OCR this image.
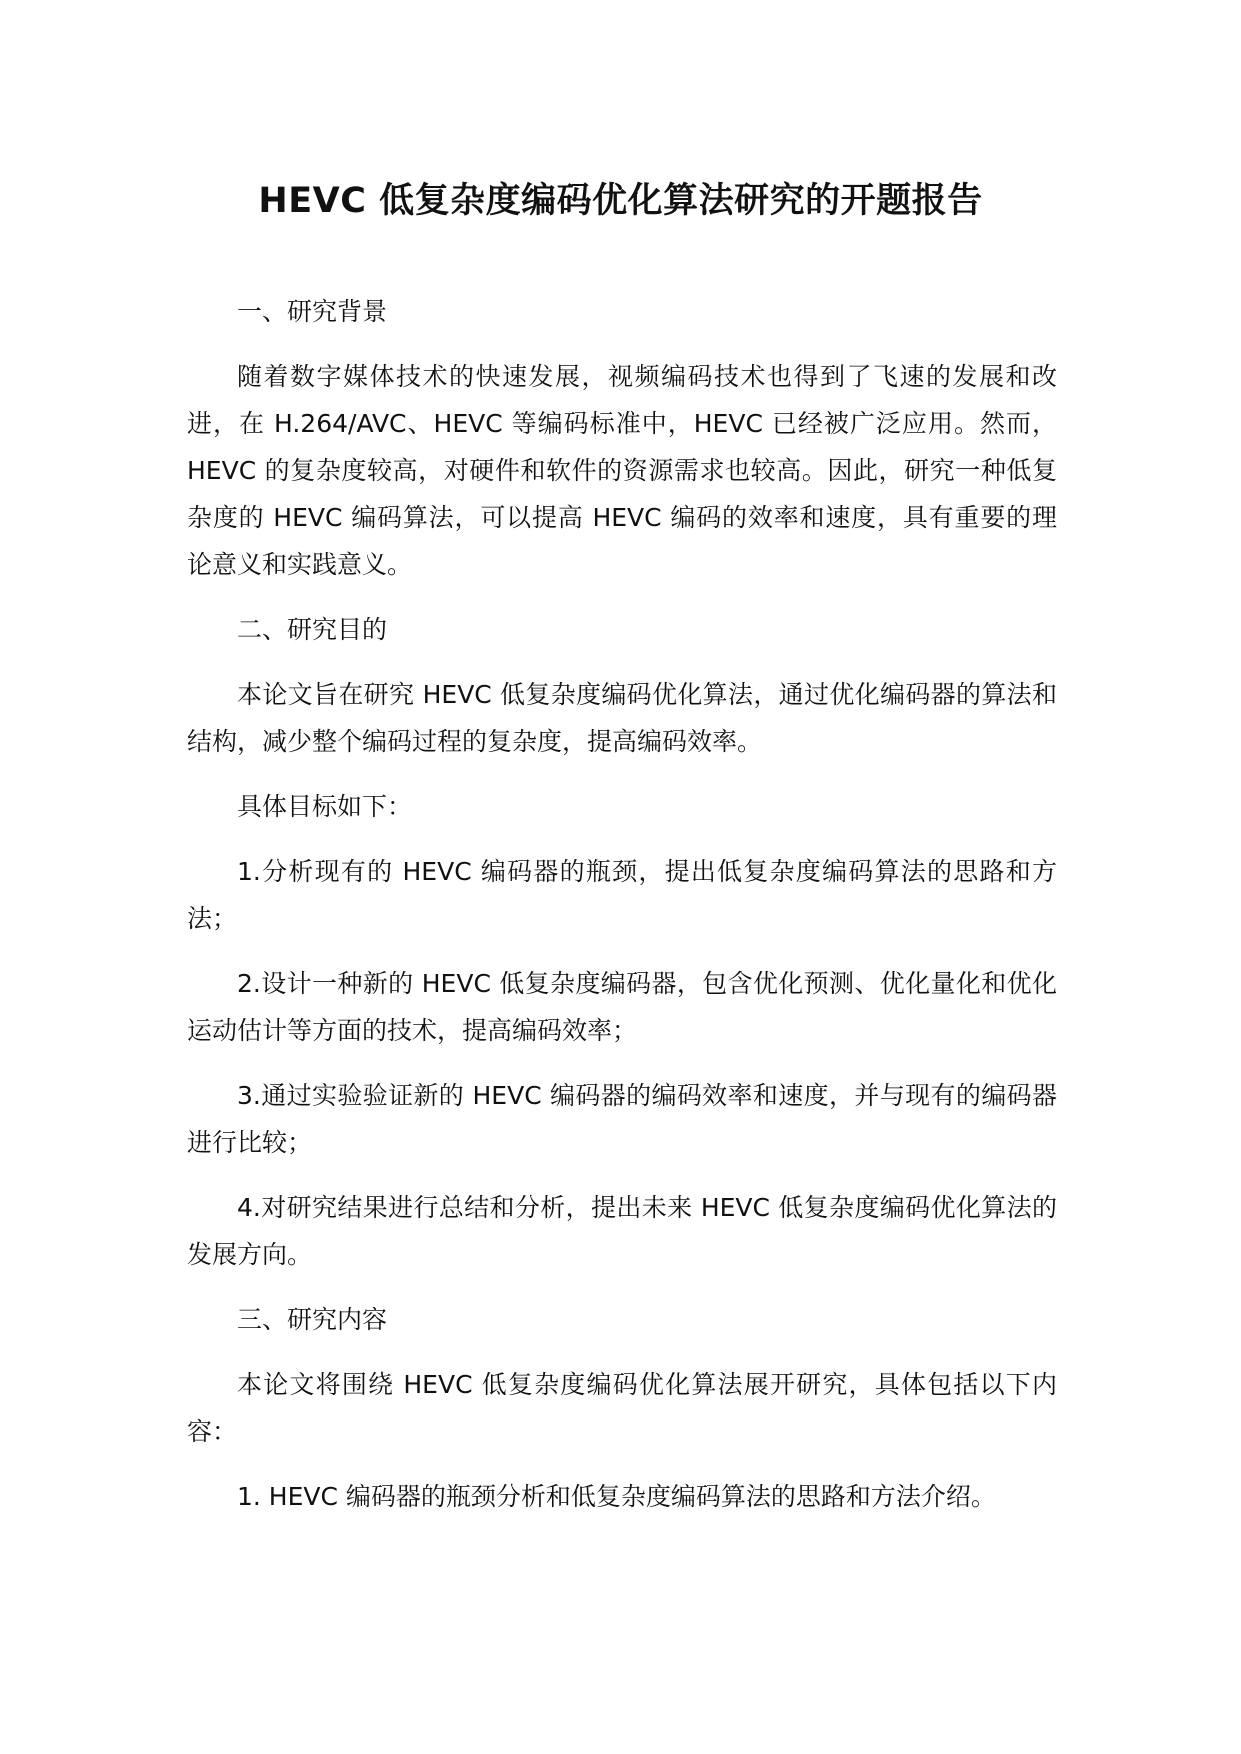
HEVC 低复杂度编码优化算法研究的开题报告

一、研究背景

随着数字媒体技术的快速发展，视频编码技术也得到了飞速的发展和改进，在 H.264/AVC、HEVC 等编码标准中，HEVC 已经被广泛应用。然而，HEVC 的复杂度较高，对硬件和软件的资源需求也较高。因此，研究一种低复杂度的 HEVC 编码算法，可以提高 HEVC 编码的效率和速度，具有重要的理论意义和实践意义。

二、研究目的

本论文旨在研究 HEVC 低复杂度编码优化算法，通过优化编码器的算法和结构，减少整个编码过程的复杂度，提高编码效率。

具体目标如下：

1.分析现有的 HEVC 编码器的瓶颈，提出低复杂度编码算法的思路和方法；

2.设计一种新的 HEVC 低复杂度编码器，包含优化预测、优化量化和优化运动估计等方面的技术，提高编码效率；

3.通过实验验证新的 HEVC 编码器的编码效率和速度，并与现有的编码器进行比较；

4.对研究结果进行总结和分析，提出未来 HEVC 低复杂度编码优化算法的发展方向。

三、研究内容

本论文将围绕 HEVC 低复杂度编码优化算法展开研究，具体包括以下内容：

1. HEVC 编码器的瓶颈分析和低复杂度编码算法的思路和方法介绍。
